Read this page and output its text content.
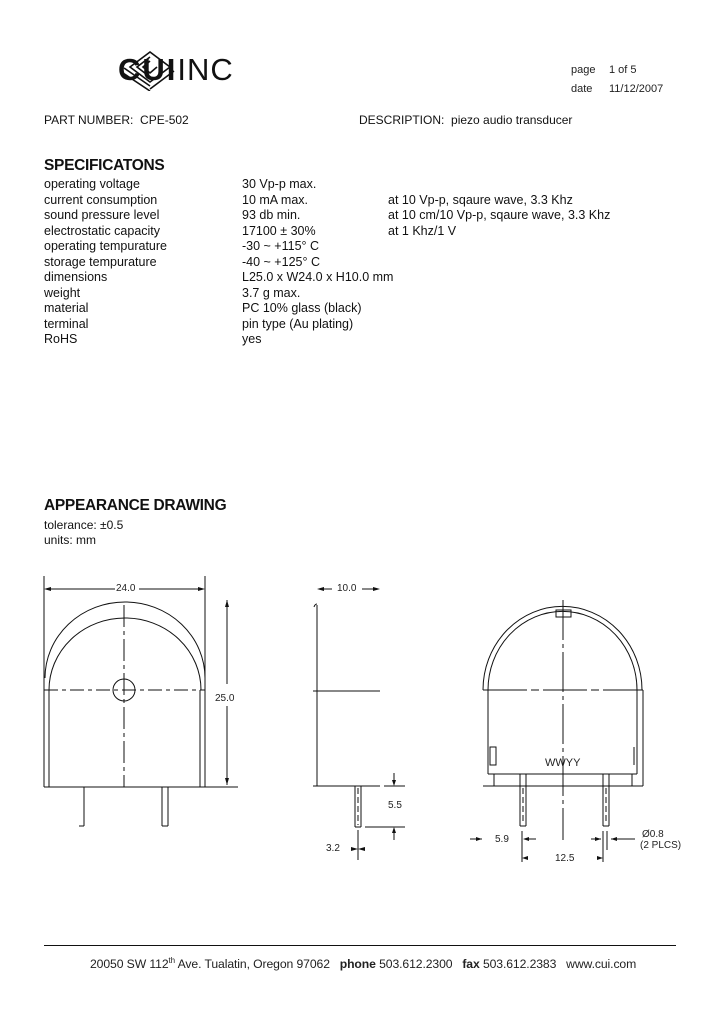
CUIINC	page 1 of 5
date 11/12/2007
PART NUMBER: CPE-502	DESCRIPTION: piezo audio transducer
SPECIFICATONS
operating voltage	30 Vp-p max.
current consumption	10 mA max.	at 10 Vp-p, sqaure wave, 3.3 Khz
sound pressure level	93 db min.	at 10 cm/10 Vp-p, sqaure wave, 3.3 Khz
electrostatic capacity	17100 ± 30%	at 1 Khz/1 V
operating tempurature	-30 ~ +115° C
storage tempurature	-40 ~ +125° C
dimensions	L25.0 x W24.0 x H10.0 mm
weight	3.7 g max.
material	PC 10% glass (black)
terminal	pin type (Au plating)
RoHS	yes
APPEARANCE DRAWING
tolerance: ±0.5
units: mm
24.0
25.0
10.0
5.5
3.2
5.9
12.5
Ø0.8
(2 PLCS)
WWYY
20050 SW 112th Ave. Tualatin, Oregon 97062 phone 503.612.2300 fax 503.612.2383 www.cui.com
